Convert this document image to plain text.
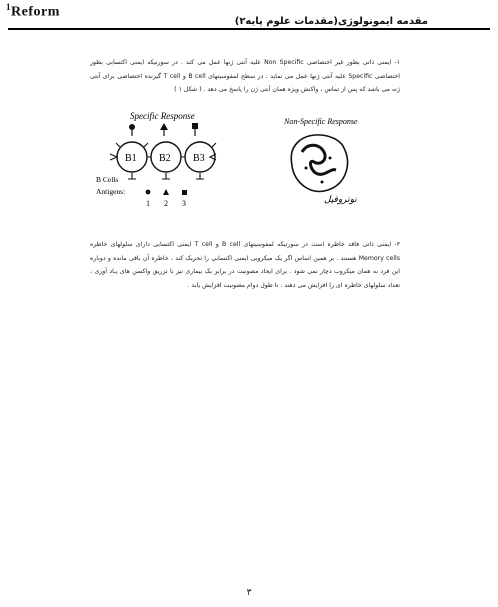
$^1$Reform
مقدمه ایمونولوژی(مقدمات علوم پایه۲)
۱- ایمنی ذاتی بطور غیر اختصاصی Non Specific علیه آنتی ژنها عمل می کند . در سورتیکه ایمنی اکتسابی بطور اختصاصی Specific علیه آنتی ژنها عمل می نماید . در سطح لمفوسیتهای B cell و T cell گیرنده اختصاصی برای آنتی ژنه می باشد که پس از تماس ، واکنش ویژه همان آنتی ژن را پاسخ می دهد . ( شکل ۱ )
Specific Response
B1 B2 B3
B Cells
Antigens:
1 2 3
Non-Specific Response
نوتروفیل
۲- ایمنی ذاتی فاقد خاطره است در سورتیکه لمفوسیتهای B cell و T cell ایمنی اکتسابی دارای سلولهای خاطره Memory cells هستند . بر همین اساس اگر یک میکروبی ایمنی اکتسابی را تحریک کند ، خاطره آن باقی مانده و دوباره این فرد به همان میکروب دچار نمی شود . برای ایجاد مصونیت در برابر یک بیماری نیز با تزریق واکسن های یـاد آوری ، تعداد سلولهای خاطره ای را افزایش می دهند . تا طول دوام مصونیت افزایش یابد .
۳
